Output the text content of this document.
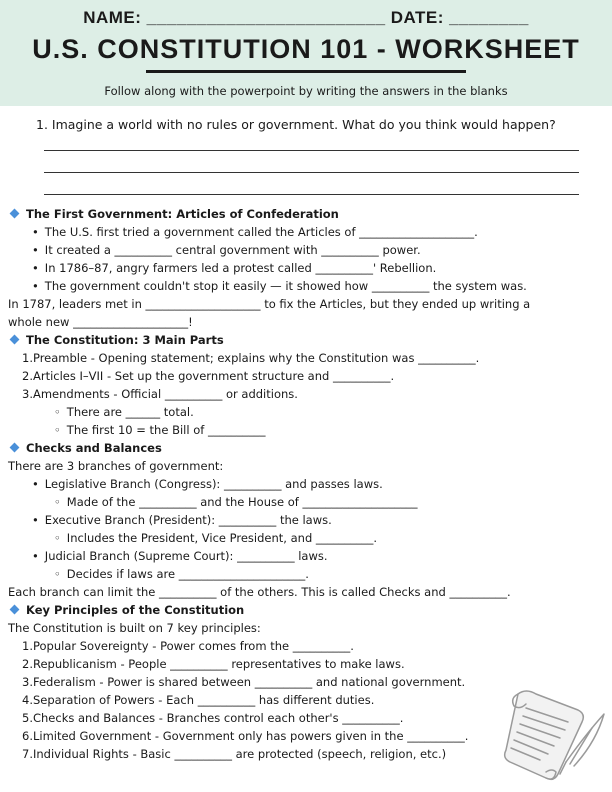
NAME: ________________________ DATE: ________
U.S. CONSTITUTION 101 - WORKSHEET
Follow along with the powerpoint by writing the answers in the blanks
1. Imagine a world with no rules or government. What do you think would happen?
The First Government: Articles of Confederation
• The U.S. first tried a government called the Articles of ____________________.
• It created a __________ central government with __________ power.
• In 1786–87, angry farmers led a protest called __________' Rebellion.
• The government couldn't stop it easily — it showed how __________ the system was.
In 1787, leaders met in ____________________ to fix the Articles, but they ended up writing a
whole new ____________________!
The Constitution: 3 Main Parts
1.Preamble - Opening statement; explains why the Constitution was __________.
2.Articles I–VII - Set up the government structure and __________.
3.Amendments - Official __________ or additions.
◦ There are ______ total.
◦ The first 10 = the Bill of __________
Checks and Balances
There are 3 branches of government:
• Legislative Branch (Congress): __________ and passes laws.
◦ Made of the __________ and the House of ____________________
• Executive Branch (President): __________ the laws.
◦ Includes the President, Vice President, and __________.
• Judicial Branch (Supreme Court): __________ laws.
◦ Decides if laws are ______________________.
Each branch can limit the __________ of the others. This is called Checks and __________.
Key Principles of the Constitution
The Constitution is built on 7 key principles:
1.Popular Sovereignty - Power comes from the __________.
2.Republicanism - People __________ representatives to make laws.
3.Federalism - Power is shared between __________ and national government.
4.Separation of Powers - Each __________ has different duties.
5.Checks and Balances - Branches control each other's __________.
6.Limited Government - Government only has powers given in the __________.
7.Individual Rights - Basic __________ are protected (speech, religion, etc.)
